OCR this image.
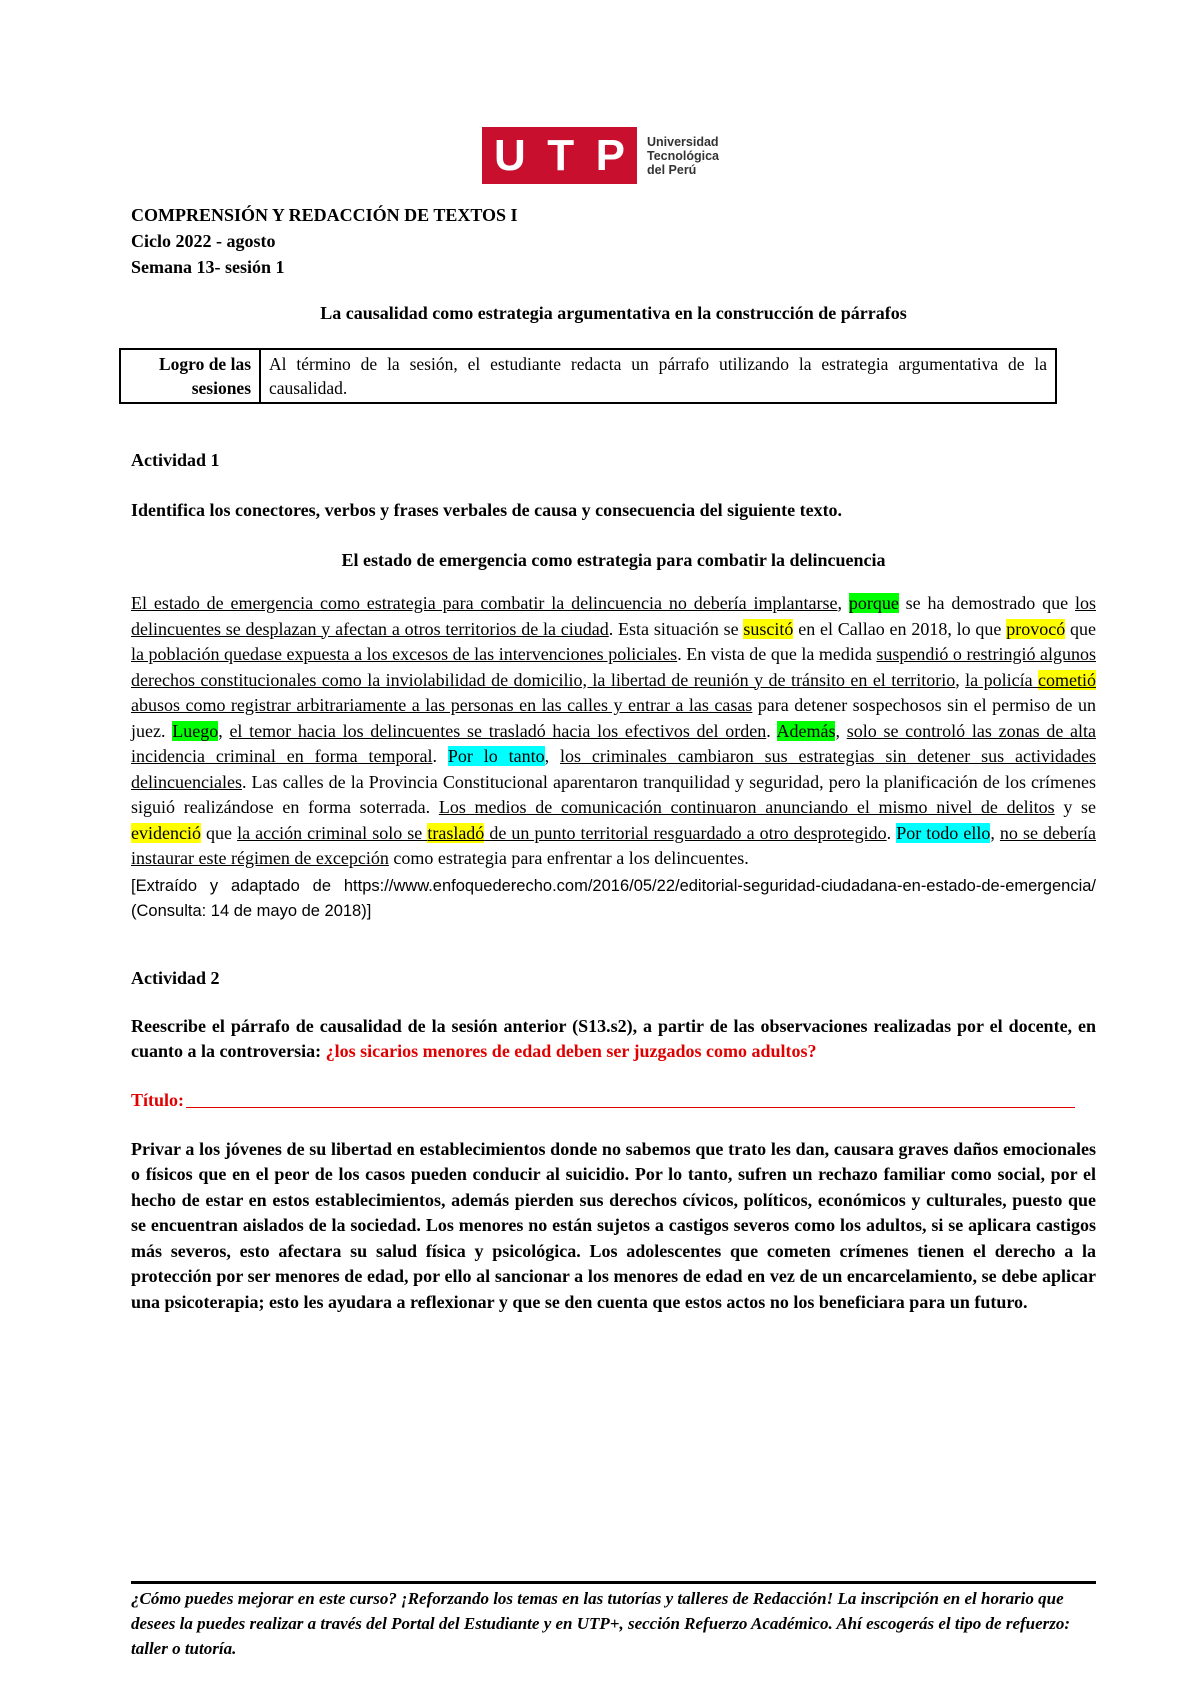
U T P Universidad
Tecnológica
del Perú
COMPRENSIÓN Y REDACCIÓN DE TEXTOS I
Ciclo 2022 - agosto
Semana 13- sesión 1
La causalidad como estrategia argumentativa en la construcción de párrafos
Logro de las sesiones	Al término de la sesión, el estudiante redacta un párrafo utilizando la estrategia argumentativa de la causalidad.
Actividad 1
Identifica los conectores, verbos y frases verbales de causa y consecuencia del siguiente texto.
El estado de emergencia como estrategia para combatir la delincuencia
El estado de emergencia como estrategia para combatir la delincuencia no debería implantarse, porque se ha demostrado que los delincuentes se desplazan y afectan a otros territorios de la ciudad. Esta situación se suscitó en el Callao en 2018, lo que provocó que la población quedase expuesta a los excesos de las intervenciones policiales. En vista de que la medida suspendió o restringió algunos derechos constitucionales como la inviolabilidad de domicilio, la libertad de reunión y de tránsito en el territorio, la policía cometió abusos como registrar arbitrariamente a las personas en las calles y entrar a las casas para detener sospechosos sin el permiso de un juez. Luego, el temor hacia los delincuentes se trasladó hacia los efectivos del orden. Además, solo se controló las zonas de alta incidencia criminal en forma temporal. Por lo tanto, los criminales cambiaron sus estrategias sin detener sus actividades delincuenciales. Las calles de la Provincia Constitucional aparentaron tranquilidad y seguridad, pero la planificación de los crímenes siguió realizándose en forma soterrada. Los medios de comunicación continuaron anunciando el mismo nivel de delitos y se evidenció que la acción criminal solo se trasladó de un punto territorial resguardado a otro desprotegido. Por todo ello, no se debería instaurar este régimen de excepción como estrategia para enfrentar a los delincuentes.
[Extraído y adaptado de https://www.enfoquederecho.com/2016/05/22/editorial-seguridad-ciudadana-en-estado-de-emergencia/ (Consulta: 14 de mayo de 2018)]
Actividad 2
Reescribe el párrafo de causalidad de la sesión anterior (S13.s2), a partir de las observaciones realizadas por el docente, en cuanto a la controversia: ¿los sicarios menores de edad deben ser juzgados como adultos?
Título:
Privar a los jóvenes de su libertad en establecimientos donde no sabemos que trato les dan, causara graves daños emocionales o físicos que en el peor de los casos pueden conducir al suicidio. Por lo tanto, sufren un rechazo familiar como social, por el hecho de estar en estos establecimientos, además pierden sus derechos cívicos, políticos, económicos y culturales, puesto que se encuentran aislados de la sociedad. Los menores no están sujetos a castigos severos como los adultos, si se aplicara castigos más severos, esto afectara su salud física y psicológica. Los adolescentes que cometen crímenes tienen el derecho a la protección por ser menores de edad, por ello al sancionar a los menores de edad en vez de un encarcelamiento, se debe aplicar una psicoterapia; esto les ayudara a reflexionar y que se den cuenta que estos actos no los beneficiara para un futuro.
¿Cómo puedes mejorar en este curso? ¡Reforzando los temas en las tutorías y talleres de Redacción! La inscripción en el horario que desees la puedes realizar a través del Portal del Estudiante y en UTP+, sección Refuerzo Académico. Ahí escogerás el tipo de refuerzo: taller o tutoría.
